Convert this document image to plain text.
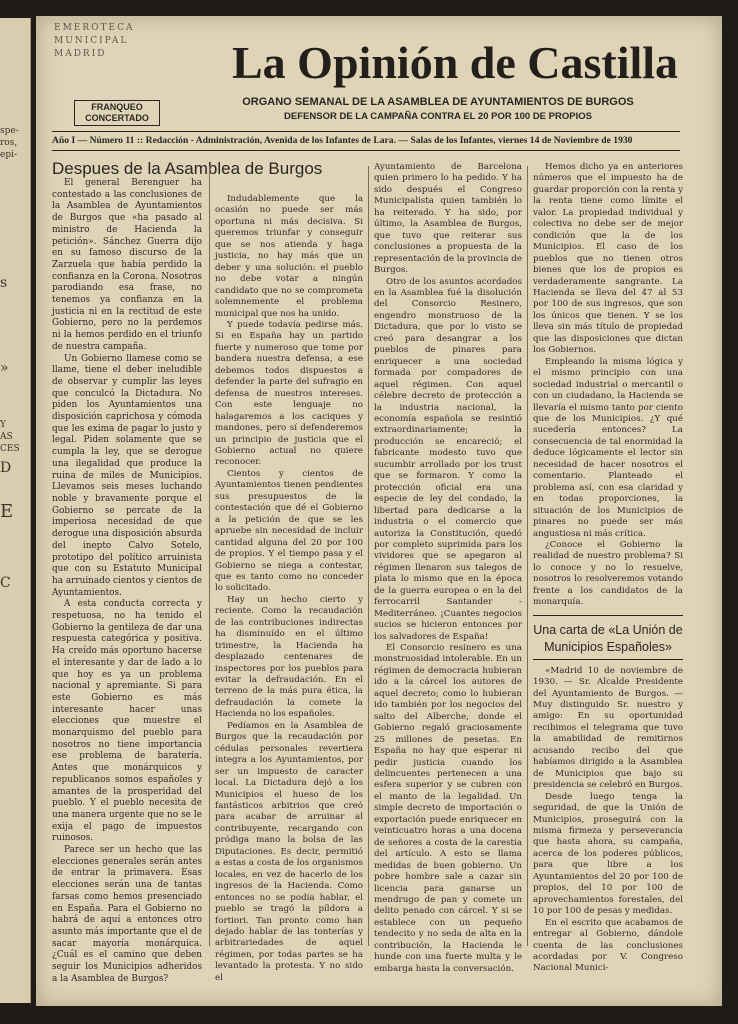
spe-
ros,
epi-
s
»
Y
AS
CES
D
E
C
EMEROTECA
MUNICIPAL
MADRID
FRANQUEO
CONCERTADO
La Opinión de Castilla
ORGANO SEMANAL DE LA ASAMBLEA DE AYUNTAMIENTOS DE BURGOS
DEFENSOR DE LA CAMPAÑA CONTRA EL 20 POR 100 DE PROPIOS
Año I — Número 11 :: Redacción - Administración, Avenida de los Infantes de Lara. — Salas de los Infantes, viernes 14 de Noviembre de 1930
Despues de la Asamblea de Burgos

El general Berenguer ha contestado a las conclusiones de la Asamblea de Ayuntamientos de Burgos que «ha pasado al ministro de Hacienda la petición». Sánchez Guerra dijo en su famoso discurso de la Zarzuela que había perdido la confianza en la Corona. Nosotros parodiando esa frase, no tenemos ya confianza en la justicia ni en la rectitud de este Gobierno, pero no la perdemos ni la hemos perdido en el triunfo de nuestra campaña.

Un Gobierno llamese como se llame, tiene el deber ineludible de observar y cumplir las leyes que conculcó la Dictadura. No piden los Ayuntamientos una disposición caprichosa y cómoda que les exima de pagar lo justo y legal. Piden solamente que se cumpla la ley, que se derogue una ilegalidad que produce la ruina de miles de Municipios. Llevamos seis meses luchando noble y bravamente porque el Gobierno se percate de la imperiosa necesidad de que derogue una disposición absurda del inepto Calvo Sotelo, prototipo del político arruinista que con su Estatuto Municipal ha arruinado cientos y cientos de Ayuntamientos.

A esta conducta correcta y respetuosa, no ha tenido el Gobierno la gentileza de dar una respuesta categórica y positiva. Ha creído más oportuno hacerse el interesante y dar de lado a lo que hoy es ya un problema nacional y apremiante. Si para este Gobierno es más interesante hacer unas elecciones que muestre el monarquismo del pueblo para nosotros no tiene importancia ese problema de baratería. Antes que monárquicos y republicanos somos españoles y amantes de la prosperidad del pueblo. Y el pueblo necesita de una manera urgente que no se le exija el pago de impuestos ruinosos.

Parece ser un hecho que las elecciones generales serán antes de entrar la primavera. Esas elecciones serán una de tantas farsas como hemos presenciado en España. Para el Gobierno no habrá de aquí a entonces otro asunto más importante que el de sacar mayoría monárquica. ¿Cuál es el camino que deben seguir los Municipios adheridos a la Asamblea de Burgos?

Indudablemente que la ocasión no puede ser más oportuna ni más decisiva. Si queremos triunfar y conseguir que se nos atienda y haga justicia, no hay más que un deber y una solución: el pueblo no debe votar a ningún candidato que no se comprometa solemnemente el problema municipal que nos ha unido.

Y puede todavía pedirse más. Si en España hay un partido fuerte y numeroso que tome por bandera nuestra defensa, a ese debemos todos dispuestos a defender la parte del sufragio en defensa de nuestros intereses. Con este lenguaje no halagaremos a los caciques y mandones, pero sí defenderemos un principio de justicia que el Gobierno actual no quiere reconocer.

Cientos y cientos de Ayuntamientos tienen pendientes sus presupuestos de la contestación que dé el Gobierno a la petición de que se les apruebe sin necesidad de incluir cantidad alguna del 20 por 100 de propios. Y el tiempo pasa y el Gobierno se niega a contestar, que es tanto como no conceder lo solicitado.

Hay un hecho cierto y reciente. Como la recaudación de las contribuciones indirectas ha disminuído en el último trimestre, la Hacienda ha desplazado centenares de inspectores por los pueblos para evitar la defraudación. En el terreno de la más pura ética, la defraudación la comete la Hacienda no los españoles.

Pedíamos en la Asamblea de Burgos que la recaudación por cédulas personales revertiera íntegra a los Ayuntamientos, por ser un impuesto de caracter local. La Dictadura dejó a los Municipios el hueso de los fantásticos arbitrios que creó para acabar de arruinar al contribuyente, recargando con pródiga mano la bolsa de las Diputaciones. Es decir, permitió a estas a costa de los organismos locales, en vez de hacerlo de los ingresos de la Hacienda. Como entonces no se podía hablar, el pueblo se tragó la píldora a fortiori. Tan pronto como han dejado hablar de las tonterías y arbitrariedades de aquel régimen, por todas partes se ha levantado la protesta. Y no sido el

Ayuntamiento de Barcelona quien primero lo ha pedido. Y ha sido después el Congreso Municipalista quien también lo ha reiterado. Y ha sido, por último, la Asamblea de Burgos, que tuvo que reiterar sus conclusiones a propuesta de la representación de la provincia de Burgos.

Otro de los asuntos acordados en la Asamblea fué la disolución del Consorcio Resinero, engendro monstruoso de la Dictadura, que por lo visto se creó para desangrar a los pueblos de pinares para enriquecer a una sociedad formada por compadores de aquel régimen. Con aquel célebre decreto de protección a la industria nacional, la economía española se resintió extraordinariamente; la producción se encareció; el fabricante modesto tuvo que sucumbir arrollado por los trust que se formaron. Y como la protección oficial era una especie de ley del condado, la libertad para dedicarse a la industria o el comercio que autoriza la Constitución, quedó por completo suprimida para los vividores que se apegaron al régimen llenaron sus talegos de plata lo mismo que en la época de la guerra europea o en la del ferrocarril Santander - Mediterráneo. ¡Cuantes negocios sucios se hicieron entonces por los salvadores de España!

El Consorcio resinero es una monstruosidad intolerable. En un régimen de democracia hubieran ido a la cárcel los autores de aquel decreto; como lo hubieran ido también por los negocios del salto del Alberche, donde el Gobierno regaló graciosamente 25 millones de pesetas. En España no hay que esperar ni pedir justicia cuando los delincuentes pertenecen a una esfera superior y se cubren con el manto de la legalidad. Un simple decreto de importación o exportación puede enriquecer en veinticuatro horas a una docena de señores a costa de la carestía del artículo. A esto se llama medidas de buen gobierno. Un pobre hombre sale a cazar sin licencia para ganarse un mendrugo de pan y comete un delito penado con cárcel. Y si se establece con un pequeño tendecito y no seda de alta en la contribución, la Hacienda le hunde con una fuerte multa y le embarga hasta la conversación.

Hemos dicho ya en anteriores números que el impuesto ha de guardar proporción con la renta y la renta tiene como límite el valor. La propiedad individual y colectiva no debe ser de mejor condición que la de los Municipios. El caso de los pueblos que no tienen otros bienes que los de propios es verdaderamente sangrante. La Hacienda se lleva del 47 al 53 por 100 de sus ingresos, que son los únicos que tienen. Y se los lleva sin más título de propiedad que las disposiciones que dictan los Gobiernos.

Empleando la misma lógica y el mismo principio con una sociedad industrial o mercantil o con un ciudadano, la Hacienda se llevaría el mismo tanto por ciento que de los Municipios. ¿Y qué sucedería entonces? La consecuencia de tal enormidad la deduce lógicamente el lector sin necesidad de hacer nosotros el comentario. Planteado el problema así, con esa claridad y en todas proporciones, la situación de los Municipios de pinares no puede ser más angustiosa ni más crítica.

¿Conoce el Gobierno la realidad de nuestro problema? Si lo conoce y no lo resuelve, nosotros lo resolveremos votando frente a los candidatos de la monarquía.

Una carta de «La Unión de Municipios Españoles»

«Madrid 10 de noviembre de 1930. — Sr. Alcalde Presidente del Ayuntamiento de Burgos. — Muy distinguido Sr. nuestro y amigo: En su oportunidad recibimos el telegrama que tuvo la amabilidad de remitirnos acusando recibo del que habíamos dirigido a la Asamblea de Municipios que bajo su presidencia se celebró en Burgos.

Desde luego tenga la seguridad, de que la Unión de Municipios, proseguirá con la misma firmeza y perseverancia que hasta ahora, su campaña, acerca de los poderes públicos, para que libre a los Ayuntamientos del 20 por 100 de propios, del 10 por 100 de aprovechamientos forestales, del 10 por 100 de pesas y medidas.

En el escrito que acabamos de entregar al Gobierno, dándole cuenta de las conclusiones acordadas por V. Congreso Nacional Munici-
